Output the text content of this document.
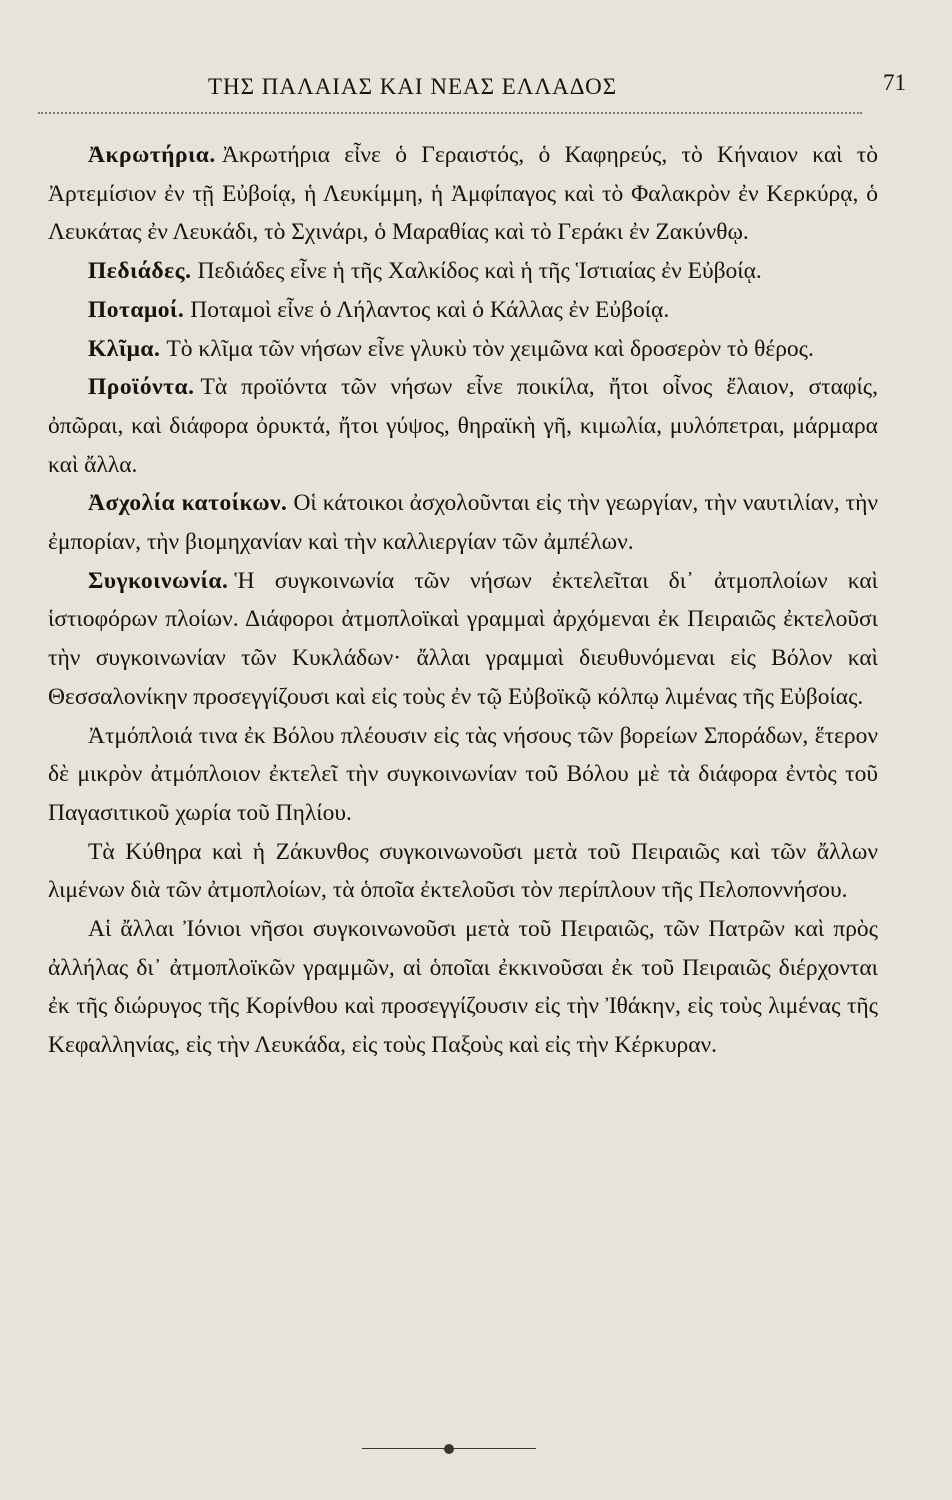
ΤΗΣ ΠΑΛΑΙΑΣ ΚΑΙ ΝΕΑΣ ΕΛΛΑΔΟΣ	71

Ἀκρωτήρια. Ἀκρωτήρια εἶνε ὁ Γεραιστός, ὁ Καφηρεύς, τὸ Κήναιον καὶ τὸ Ἀρτεμίσιον ἐν τῇ Εὐβοίᾳ, ἡ Λευκίμμη, ἡ Ἀμφίπαγος καὶ τὸ Φαλακρὸν ἐν Κερκύρᾳ, ὁ Λευκάτας ἐν Λευκάδι, τὸ Σχινάρι, ὁ Μαραθίας καὶ τὸ Γεράκι ἐν Ζακύνθῳ.

Πεδιάδες. Πεδιάδες εἶνε ἡ τῆς Χαλκίδος καὶ ἡ τῆς Ἱστιαίας ἐν Εὐβοίᾳ.

Ποταμοί. Ποταμοὶ εἶνε ὁ Λήλαντος καὶ ὁ Κάλλας ἐν Εὐβοίᾳ.

Κλῖμα. Τὸ κλῖμα τῶν νήσων εἶνε γλυκὺ τὸν χειμῶνα καὶ δροσερὸν τὸ θέρος.

Προϊόντα. Τὰ προϊόντα τῶν νήσων εἶνε ποικίλα, ἤτοι οἶνος ἔλαιον, σταφίς, ὀπῶραι, καὶ διάφορα ὀρυκτά, ἤτοι γύψος, θηραϊκὴ γῆ, κιμωλία, μυλόπετραι, μάρμαρα καὶ ἄλλα.

Ἀσχολία κατοίκων. Οἱ κάτοικοι ἀσχολοῦνται εἰς τὴν γεωργίαν, τὴν ναυτιλίαν, τὴν ἐμπορίαν, τὴν βιομηχανίαν καὶ τὴν καλλιεργίαν τῶν ἀμπέλων.

Συγκοινωνία. Ἡ συγκοινωνία τῶν νήσων ἐκτελεῖται δι᾽ ἀτμοπλοίων καὶ ἱστιοφόρων πλοίων. Διάφοροι ἀτμοπλοϊκαὶ γραμμαὶ ἀρχόμεναι ἐκ Πειραιῶς ἐκτελοῦσι τὴν συγκοινωνίαν τῶν Κυκλάδων· ἄλλαι γραμμαὶ διευθυνόμεναι εἰς Βόλον καὶ Θεσσαλονίκην προσεγγίζουσι καὶ εἰς τοὺς ἐν τῷ Εὐβοϊκῷ κόλπῳ λιμένας τῆς Εὐβοίας.

Ἀτμόπλοιά τινα ἐκ Βόλου πλέουσιν εἰς τὰς νήσους τῶν βορείων Σποράδων, ἕτερον δὲ μικρὸν ἀτμόπλοιον ἐκτελεῖ τὴν συγκοινωνίαν τοῦ Βόλου μὲ τὰ διάφορα ἐντὸς τοῦ Παγασιτικοῦ χωρία τοῦ Πηλίου.

Τὰ Κύθηρα καὶ ἡ Ζάκυνθος συγκοινωνοῦσι μετὰ τοῦ Πειραιῶς καὶ τῶν ἄλλων λιμένων διὰ τῶν ἀτμοπλοίων, τὰ ὁποῖα ἐκτελοῦσι τὸν περίπλουν τῆς Πελοποννήσου.

Αἱ ἄλλαι Ἰόνιοι νῆσοι συγκοινωνοῦσι μετὰ τοῦ Πειραιῶς, τῶν Πατρῶν καὶ πρὸς ἀλλήλας δι᾽ ἀτμοπλοϊκῶν γραμμῶν, αἱ ὁποῖαι ἐκκινοῦσαι ἐκ τοῦ Πειραιῶς διέρχονται ἐκ τῆς διώρυγος τῆς Κορίνθου καὶ προσεγγίζουσιν εἰς τὴν Ἰθάκην, εἰς τοὺς λιμένας τῆς Κεφαλληνίας, εἰς τὴν Λευκάδα, εἰς τοὺς Παξοὺς καὶ εἰς τὴν Κέρκυραν.
